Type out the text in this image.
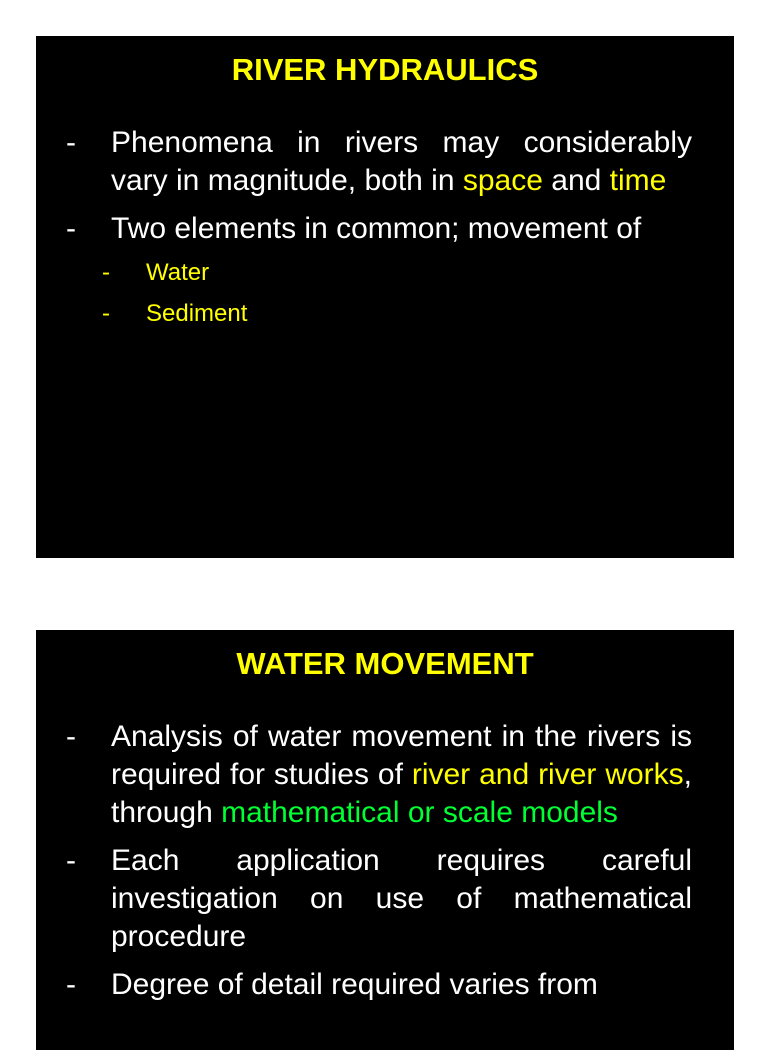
RIVER HYDRAULICS
- Phenomena in rivers may considerably vary in magnitude, both in space and time
- Two elements in common; movement of
- Water
- Sediment
WATER MOVEMENT
- Analysis of water movement in the rivers is required for studies of river and river works, through mathematical or scale models
- Each application requires careful investigation on use of mathematical procedure
- Degree of detail required varies from
